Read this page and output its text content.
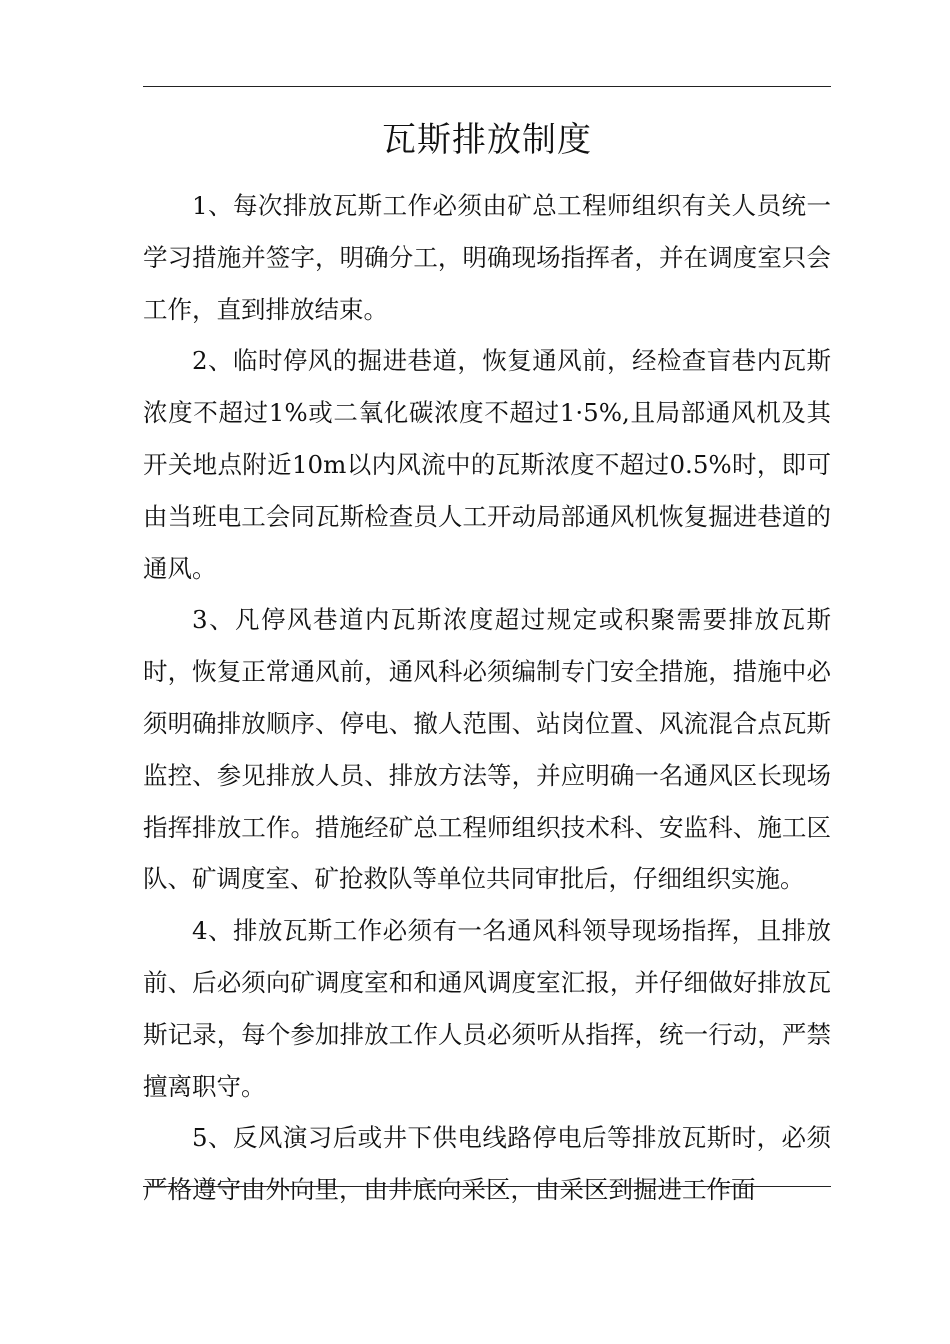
瓦斯排放制度

1、每次排放瓦斯工作必须由矿总工程师组织有关人员统一学习措施并签字，明确分工，明确现场指挥者，并在调度室只会工作，直到排放结束。

2、临时停风的掘进巷道，恢复通风前，经检查盲巷内瓦斯浓度不超过1%或二氧化碳浓度不超过1·5%,且局部通风机及其开关地点附近10m以内风流中的瓦斯浓度不超过0.5%时，即可由当班电工会同瓦斯检查员人工开动局部通风机恢复掘进巷道的通风。

3、凡停风巷道内瓦斯浓度超过规定或积聚需要排放瓦斯时，恢复正常通风前，通风科必须编制专门安全措施，措施中必须明确排放顺序、停电、撤人范围、站岗位置、风流混合点瓦斯监控、参见排放人员、排放方法等，并应明确一名通风区长现场指挥排放工作。措施经矿总工程师组织技术科、安监科、施工区队、矿调度室、矿抢救队等单位共同审批后，仔细组织实施。

4、排放瓦斯工作必须有一名通风科领导现场指挥，且排放前、后必须向矿调度室和和通风调度室汇报，并仔细做好排放瓦斯记录，每个参加排放工作人员必须听从指挥，统一行动，严禁擅离职守。

5、反风演习后或井下供电线路停电后等排放瓦斯时，必须严格遵守由外向里，由井底向采区，由采区到掘进工作面
